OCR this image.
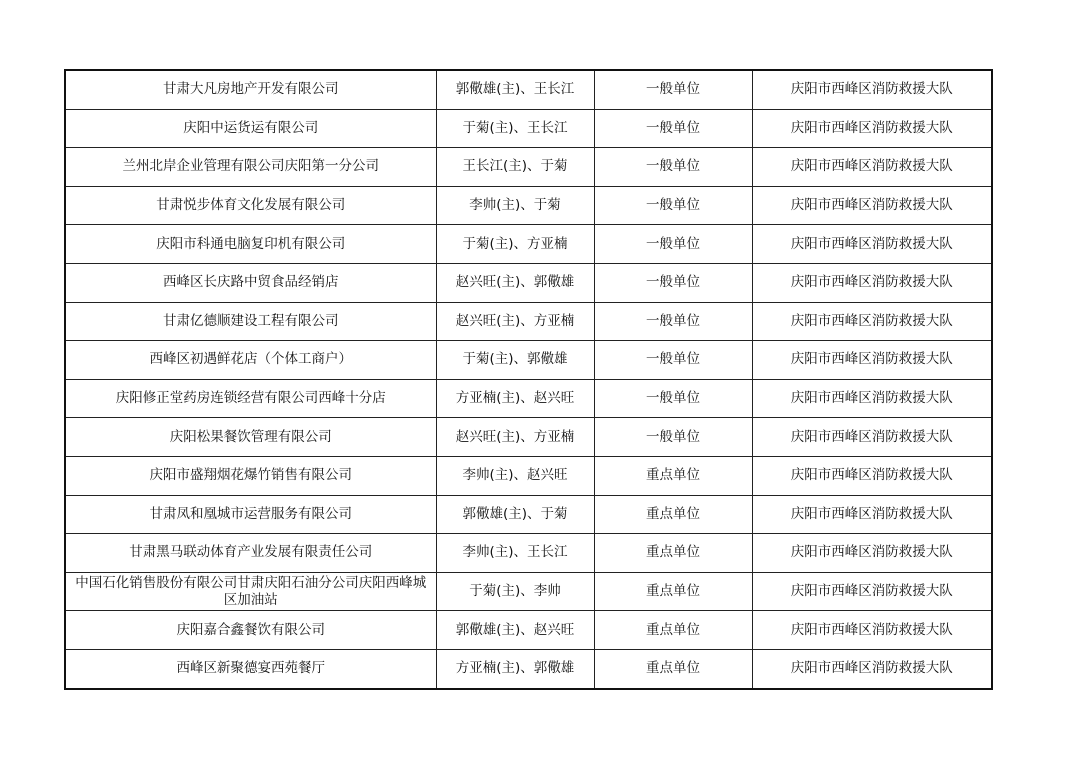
甘肃大凡房地产开发有限公司	郭儆雄(主)、王长江	一般单位	庆阳市西峰区消防救援大队
庆阳中运货运有限公司	于菊(主)、王长江	一般单位	庆阳市西峰区消防救援大队
兰州北岸企业管理有限公司庆阳第一分公司	王长江(主)、于菊	一般单位	庆阳市西峰区消防救援大队
甘肃悦步体育文化发展有限公司	李帅(主)、于菊	一般单位	庆阳市西峰区消防救援大队
庆阳市科通电脑复印机有限公司	于菊(主)、方亚楠	一般单位	庆阳市西峰区消防救援大队
西峰区长庆路中贸食品经销店	赵兴旺(主)、郭儆雄	一般单位	庆阳市西峰区消防救援大队
甘肃亿德顺建设工程有限公司	赵兴旺(主)、方亚楠	一般单位	庆阳市西峰区消防救援大队
西峰区初遇鲜花店（个体工商户）	于菊(主)、郭儆雄	一般单位	庆阳市西峰区消防救援大队
庆阳修正堂药房连锁经营有限公司西峰十分店	方亚楠(主)、赵兴旺	一般单位	庆阳市西峰区消防救援大队
庆阳松果餐饮管理有限公司	赵兴旺(主)、方亚楠	一般单位	庆阳市西峰区消防救援大队
庆阳市盛翔烟花爆竹销售有限公司	李帅(主)、赵兴旺	重点单位	庆阳市西峰区消防救援大队
甘肃凤和凰城市运营服务有限公司	郭儆雄(主)、于菊	重点单位	庆阳市西峰区消防救援大队
甘肃黑马联动体育产业发展有限责任公司	李帅(主)、王长江	重点单位	庆阳市西峰区消防救援大队
中国石化销售股份有限公司甘肃庆阳石油分公司庆阳西峰城区加油站	于菊(主)、李帅	重点单位	庆阳市西峰区消防救援大队
庆阳嘉合鑫餐饮有限公司	郭儆雄(主)、赵兴旺	重点单位	庆阳市西峰区消防救援大队
西峰区新聚德宴西苑餐厅	方亚楠(主)、郭儆雄	重点单位	庆阳市西峰区消防救援大队
